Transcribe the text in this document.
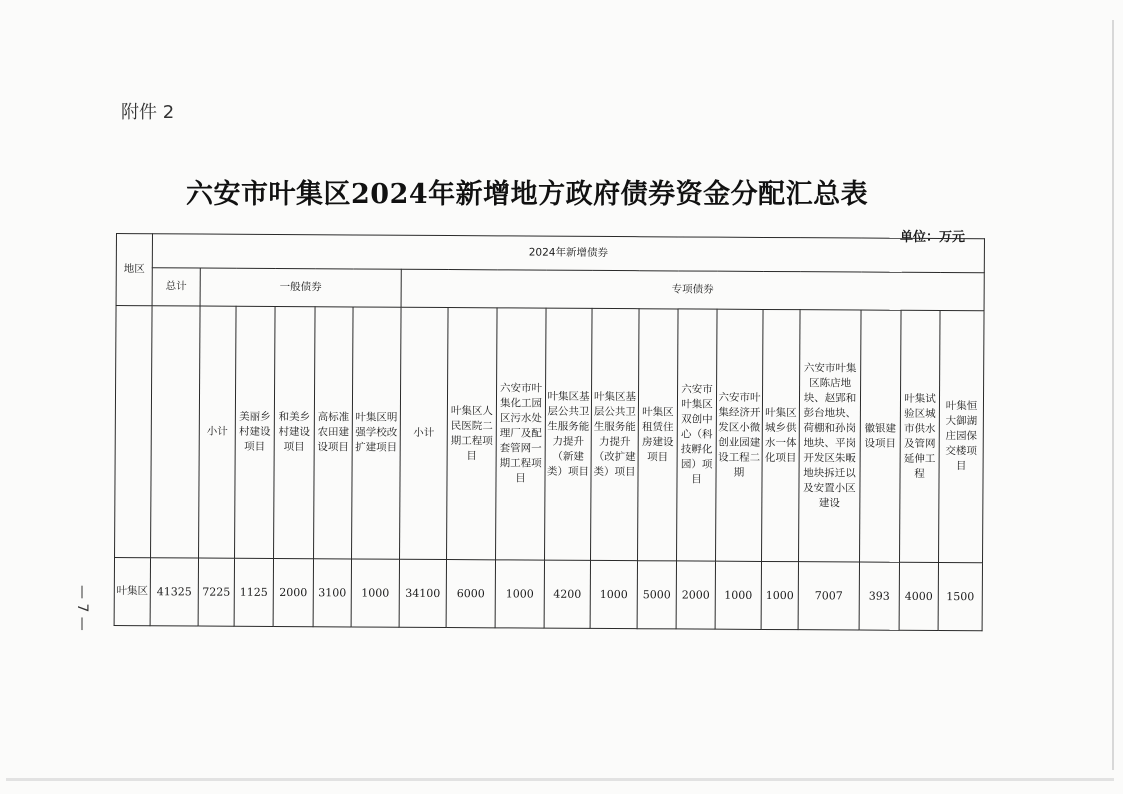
附件 2
六安市叶集区2024年新增地方政府债券资金分配汇总表
单位：万元
— 7 —
地区	2024年新增债券																		
	总计	一般债券					专项债券												
		小计	美丽乡村建设项目	和美乡村建设项目	高标准农田建设项目	叶集区明强学校改扩建项目	小计	叶集区人民医院二期工程项目	六安市叶集化工园区污水处理厂及配套管网一期工程项目	叶集区基层公共卫生服务能力提升（新建类）项目	叶集区基层公共卫生服务能力提升（改扩建类）项目	叶集区租赁住房建设项目	六安市叶集区双创中心（科技孵化园）项目	六安市叶集经济开发区小微创业园建设工程二期	叶集区城乡供水一体化项目	六安市叶集区陈店地块、赵郢和彭台地块、荷棚和孙岗地块、平岗开发区朱畈地块拆迁以及安置小区建设	徽银建设项目	叶集试验区城市供水及管网延伸工程	叶集恒大御湖庄园保交楼项目
叶集区	41325	7225	1125	2000	3100	1000	34100	6000	1000	4200	1000	5000	2000	1000	1000	7007	393	4000	1500
